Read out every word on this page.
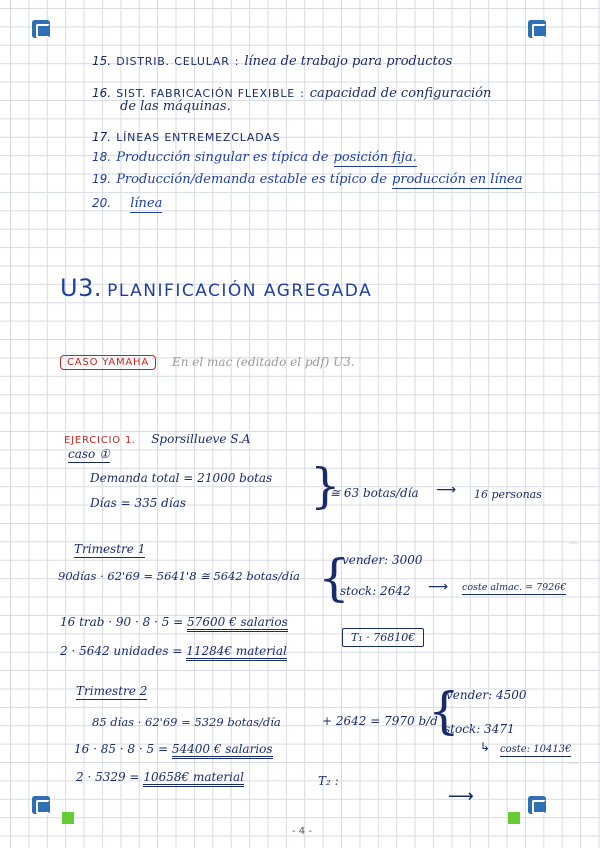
15. DISTRIB. CELULAR : línea de trabajo para productos
16. SIST. FABRICACIÓN FLEXIBLE : capacidad de configuración
de las máquinas.
17. LÍNEAS ENTREMEZCLADAS
18. Producción singular es típica de posición fija.
19. Producción/demanda estable es típico de producción en línea
20. línea
U3. PLANIFICACIÓN AGREGADA
CASO YAMAHA	En el mac (editado el pdf) U3.
EJERCICIO 1. Sporsillueve S.A
caso ①
Demanda total = 21000 botas
Días = 335 días	}
≅ 63 botas/día ⟶ 16 personas
Trimestre 1
90días · 62'69 = 5641'8 ≅ 5642 botas/día {
vender: 3000
stock: 2642 ⟶ coste almac. = 7926€
16 trab · 90 · 8 · 5 = 57600 € salarios
T₁ · 76810€
2 · 5642 unidades = 11284€ material
Trimestre 2
85 días · 62'69 = 5329 botas/día	+ 2642 = 7970 b/d
{
vender: 4500
stock: 3471
↳ coste: 10413€
16 · 85 · 8 · 5 = 54400 € salarios
2 · 5329 = 10658€ material	T₂ :
⟶
⌒
⌒
- 4 -
